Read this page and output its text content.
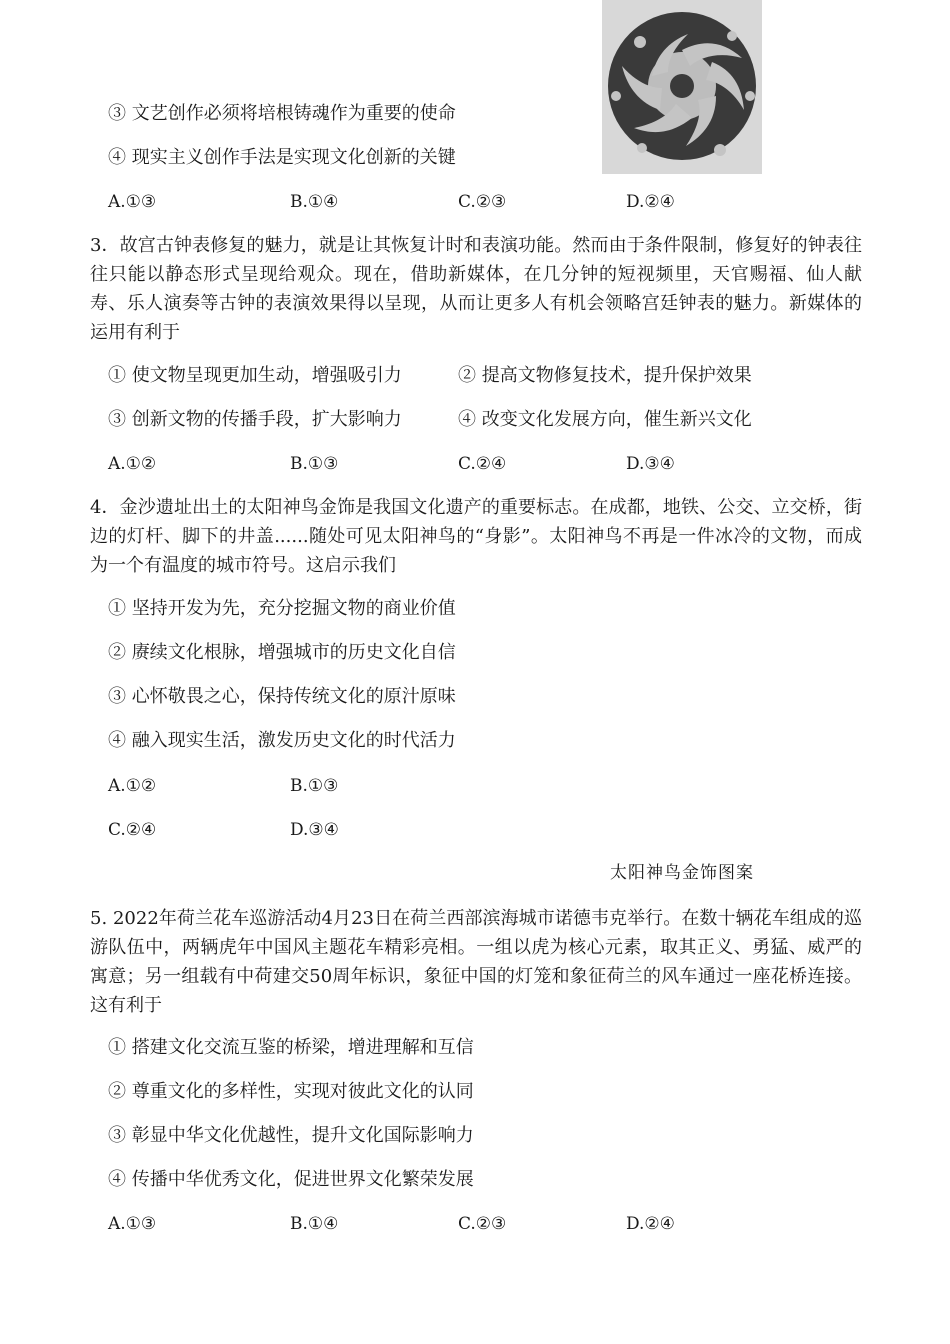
③ 文艺创作必须将培根铸魂作为重要的使命
④ 现实主义创作手法是实现文化创新的关键
A.①③	B.①④	C.②③	D.②④
3．故宫古钟表修复的魅力，就是让其恢复计时和表演功能。然而由于条件限制，修复好的钟表往往只能以静态形式呈现给观众。现在，借助新媒体，在几分钟的短视频里，天官赐福、仙人献寿、乐人演奏等古钟的表演效果得以呈现，从而让更多人有机会领略宫廷钟表的魅力。新媒体的运用有利于
① 使文物呈现更加生动，增强吸引力	② 提高文物修复技术，提升保护效果
③ 创新文物的传播手段，扩大影响力	④ 改变文化发展方向，催生新兴文化
A.①②	B.①③	C.②④	D.③④
4．金沙遗址出土的太阳神鸟金饰是我国文化遗产的重要标志。在成都，地铁、公交、立交桥，街边的灯杆、脚下的井盖......随处可见太阳神鸟的“身影”。太阳神鸟不再是一件冰冷的文物，而成为一个有温度的城市符号。这启示我们
① 坚持开发为先，充分挖掘文物的商业价值
② 赓续文化根脉，增强城市的历史文化自信
③ 心怀敬畏之心，保持传统文化的原汁原味
④ 融入现实生活，激发历史文化的时代活力
A.①②	B.①③
C.②④	D.③④
太阳神鸟金饰图案
5. 2022年荷兰花车巡游活动4月23日在荷兰西部滨海城市诺德韦克举行。在数十辆花车组成的巡游队伍中，两辆虎年中国风主题花车精彩亮相。一组以虎为核心元素，取其正义、勇猛、威严的寓意；另一组载有中荷建交50周年标识，象征中国的灯笼和象征荷兰的风车通过一座花桥连接。这有利于
① 搭建文化交流互鉴的桥梁，增进理解和互信
② 尊重文化的多样性，实现对彼此文化的认同
③ 彰显中华文化优越性，提升文化国际影响力
④ 传播中华优秀文化，促进世界文化繁荣发展
A.①③	B.①④	C.②③	D.②④
